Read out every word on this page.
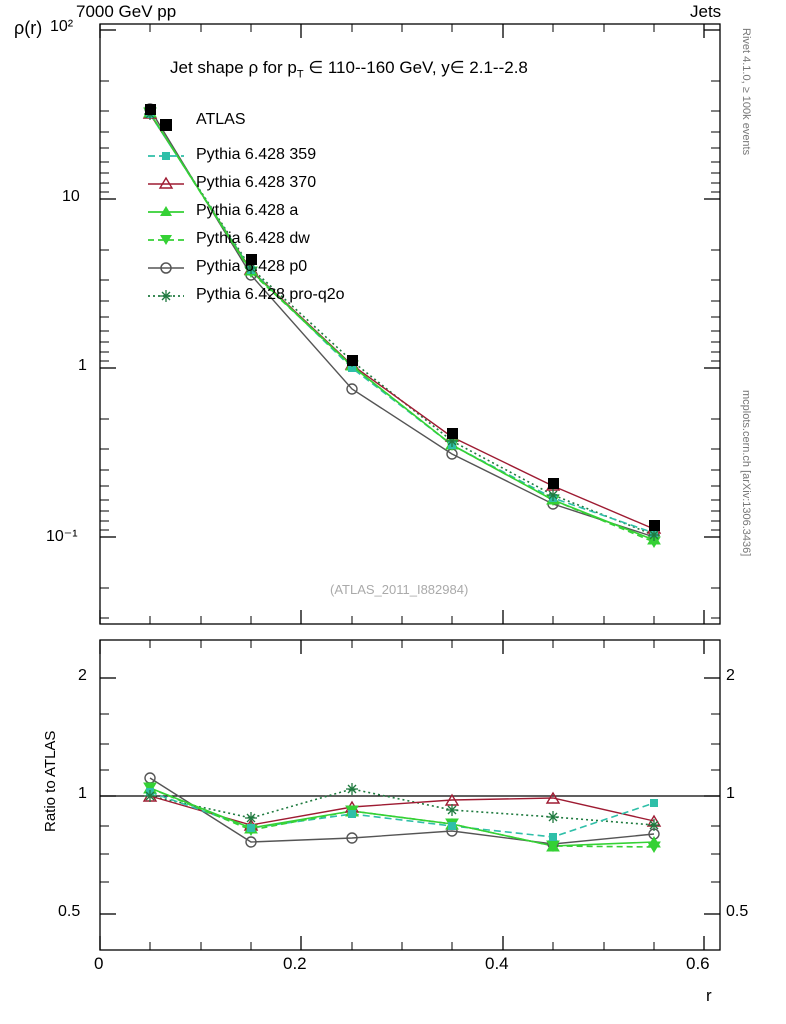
7000 GeV pp	Jets
Rivet 4.1.0, ≥ 100k events
mcplots.cern.ch [arXiv:1306.3436]
10²
10
1
10⁻¹
ρ(r)
Jet shape ρ for $p_T$ ∈ 110--160 GeV, y∈ 2.1--2.8
ATLAS
Pythia 6.428 359
Pythia 6.428 370
Pythia 6.428 a
Pythia 6.428 dw
Pythia 6.428 p0
Pythia 6.428 pro-q2o
(ATLAS_2011_I882984)
2
1
0.5
2
1
0.5
Ratio to ATLAS
0	0.2	0.4	0.6
r
